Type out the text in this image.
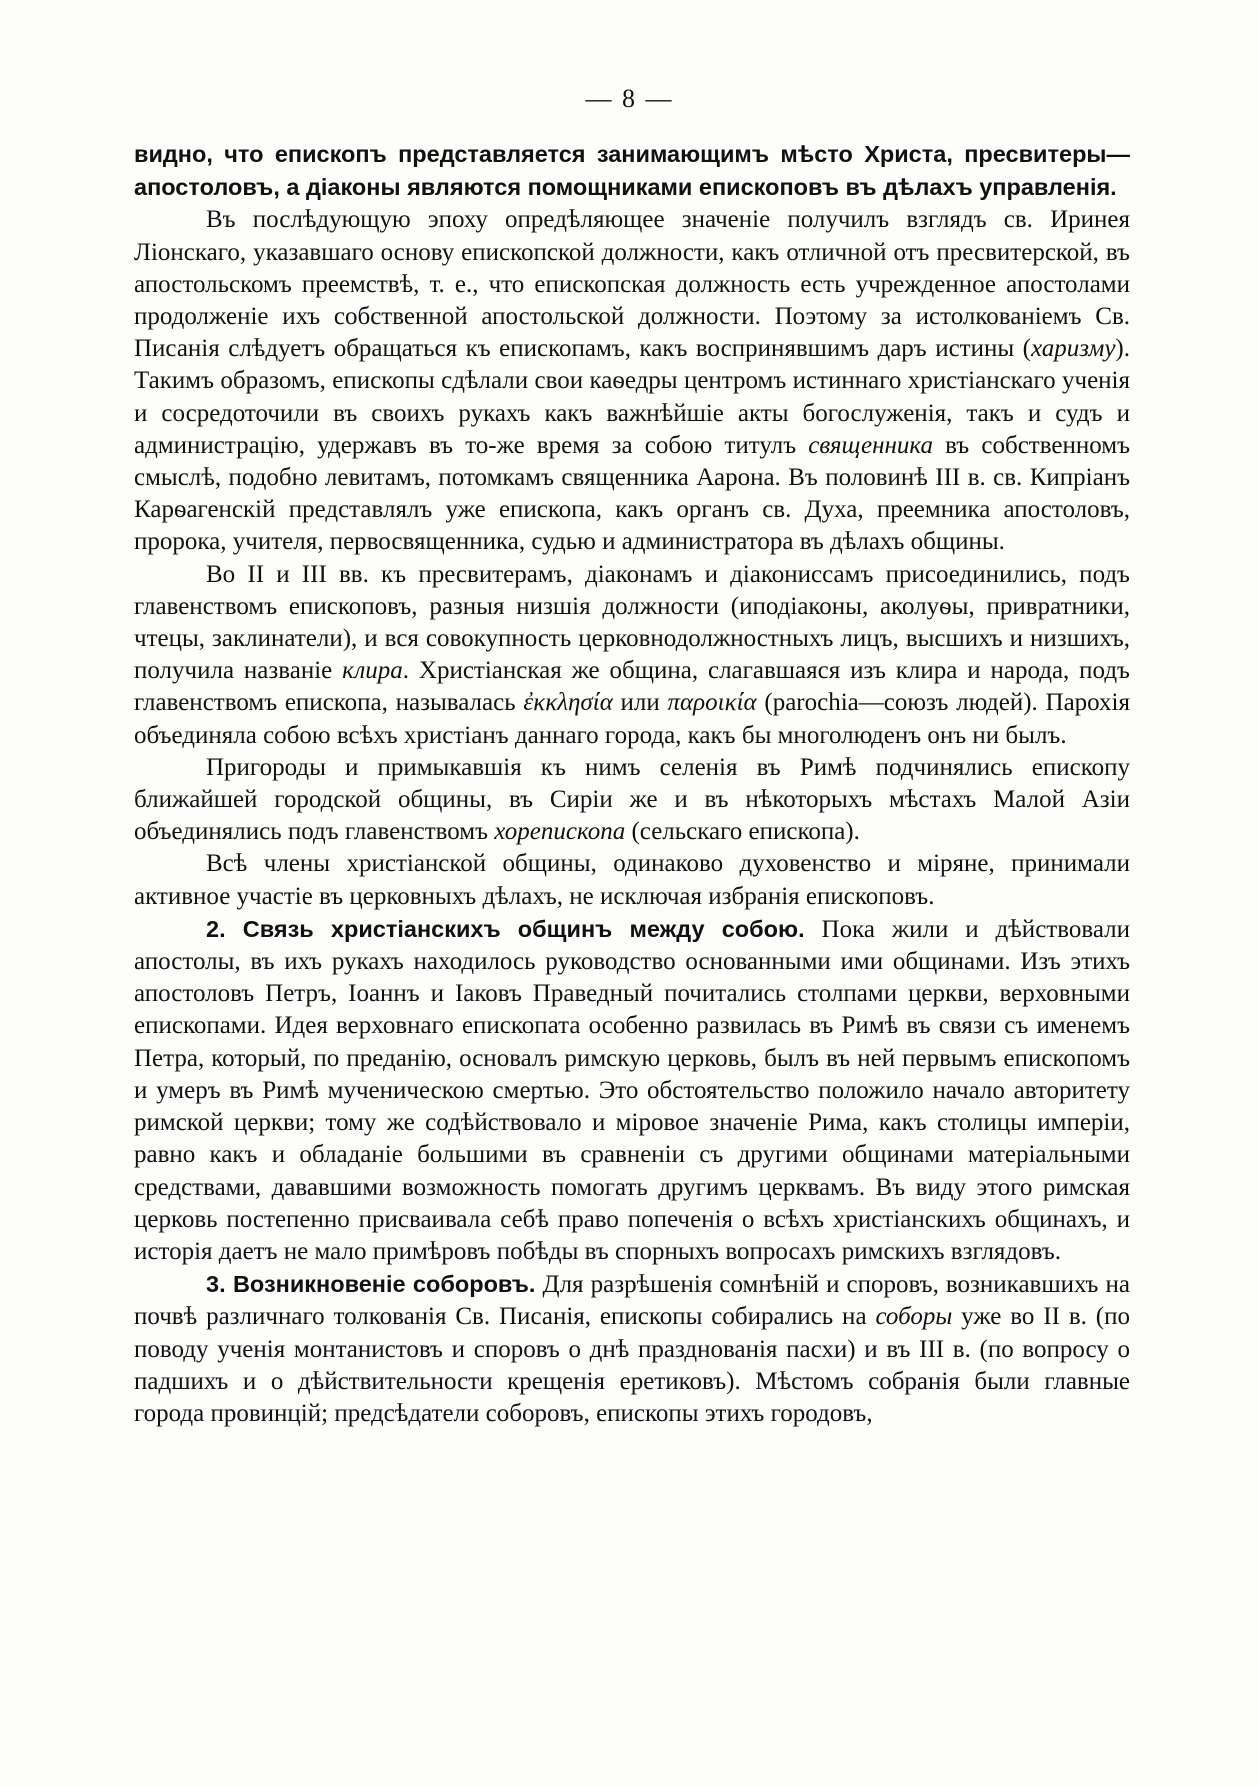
— 8 —

видно, что епископъ представляется занимающимъ мѣсто Христа, пресвитеры—апостоловъ, а діаконы являются помощниками епископовъ въ дѣлахъ управленія.

Въ послѣдующую эпоху опредѣляющее значеніе получилъ взглядъ св. Иринея Ліонскаго, указавшаго основу епископской должности, какъ отличной отъ пресвитерской, въ апостольскомъ преемствѣ, т. е., что епископская должность есть учрежденное апостолами продолженіе ихъ собственной апостольской должности. Поэтому за истолкованіемъ Св. Писанія слѣдуетъ обращаться къ епископамъ, какъ воспринявшимъ даръ истины (харизму). Такимъ образомъ, епископы сдѣлали свои каѳедры центромъ истиннаго христіанскаго ученія и сосредоточили въ своихъ рукахъ какъ важнѣйшіе акты богослуженія, такъ и судъ и администрацію, удержавъ въ то-же время за собою титулъ священника въ собственномъ смыслѣ, подобно левитамъ, потомкамъ священника Аарона. Въ половинѣ III в. св. Кипріанъ Карѳагенскій представлялъ уже епископа, какъ органъ св. Духа, преемника апостоловъ, пророка, учителя, первосвященника, судью и администратора въ дѣлахъ общины.

Во II и III вв. къ пресвитерамъ, діаконамъ и діакониссамъ присоединились, подъ главенствомъ епископовъ, разныя низшія должности (иподіаконы, аколуѳы, привратники, чтецы, заклинатели), и вся совокупность церковнодолжностныхъ лицъ, высшихъ и низшихъ, получила названіе клира. Христіанская же община, слагавшаяся изъ клира и народа, подъ главенствомъ епископа, называлась ἐκκλησία или παροικία (parochia—союзъ людей). Парохія объединяла собою всѣхъ христіанъ даннаго города, какъ бы многолюденъ онъ ни былъ.

Пригороды и примыкавшія къ нимъ селенія въ Римѣ подчинялись епископу ближайшей городской общины, въ Сиріи же и въ нѣкоторыхъ мѣстахъ Малой Азіи объединялись подъ главенствомъ хорепископа (сельскаго епископа).

Всѣ члены христіанской общины, одинаково духовенство и міряне, принимали активное участіе въ церковныхъ дѣлахъ, не исключая избранія епископовъ.

2. Связь христіанскихъ общинъ между собою. Пока жили и дѣйствовали апостолы, въ ихъ рукахъ находилось руководство основанными ими общинами. Изъ этихъ апостоловъ Петръ, Іоаннъ и Іаковъ Праведный почитались столпами церкви, верховными епископами. Идея верховнаго епископата особенно развилась въ Римѣ въ связи съ именемъ Петра, который, по преданію, основалъ римскую церковь, былъ въ ней первымъ епископомъ и умеръ въ Римѣ мученическою смертью. Это обстоятельство положило начало авторитету римской церкви; тому же содѣйствовало и міровое значеніе Рима, какъ столицы имперіи, равно какъ и обладаніе большими въ сравненіи съ другими общинами матеріальными средствами, дававшими возможность помогать другимъ церквамъ. Въ виду этого римская церковь постепенно присваивала себѣ право попеченія о всѣхъ христіанскихъ общинахъ, и исторія даетъ не мало примѣровъ побѣды въ спорныхъ вопросахъ римскихъ взглядовъ.

3. Возникновеніе соборовъ. Для разрѣшенія сомнѣній и споровъ, возникавшихъ на почвѣ различнаго толкованія Св. Писанія, епископы собирались на соборы уже во II в. (по поводу ученія монтанистовъ и споровъ о днѣ празднованія пасхи) и въ III в. (по вопросу о падшихъ и о дѣйствительности крещенія еретиковъ). Мѣстомъ собранія были главные города провинцій; предсѣдатели соборовъ, епископы этихъ городовъ,
